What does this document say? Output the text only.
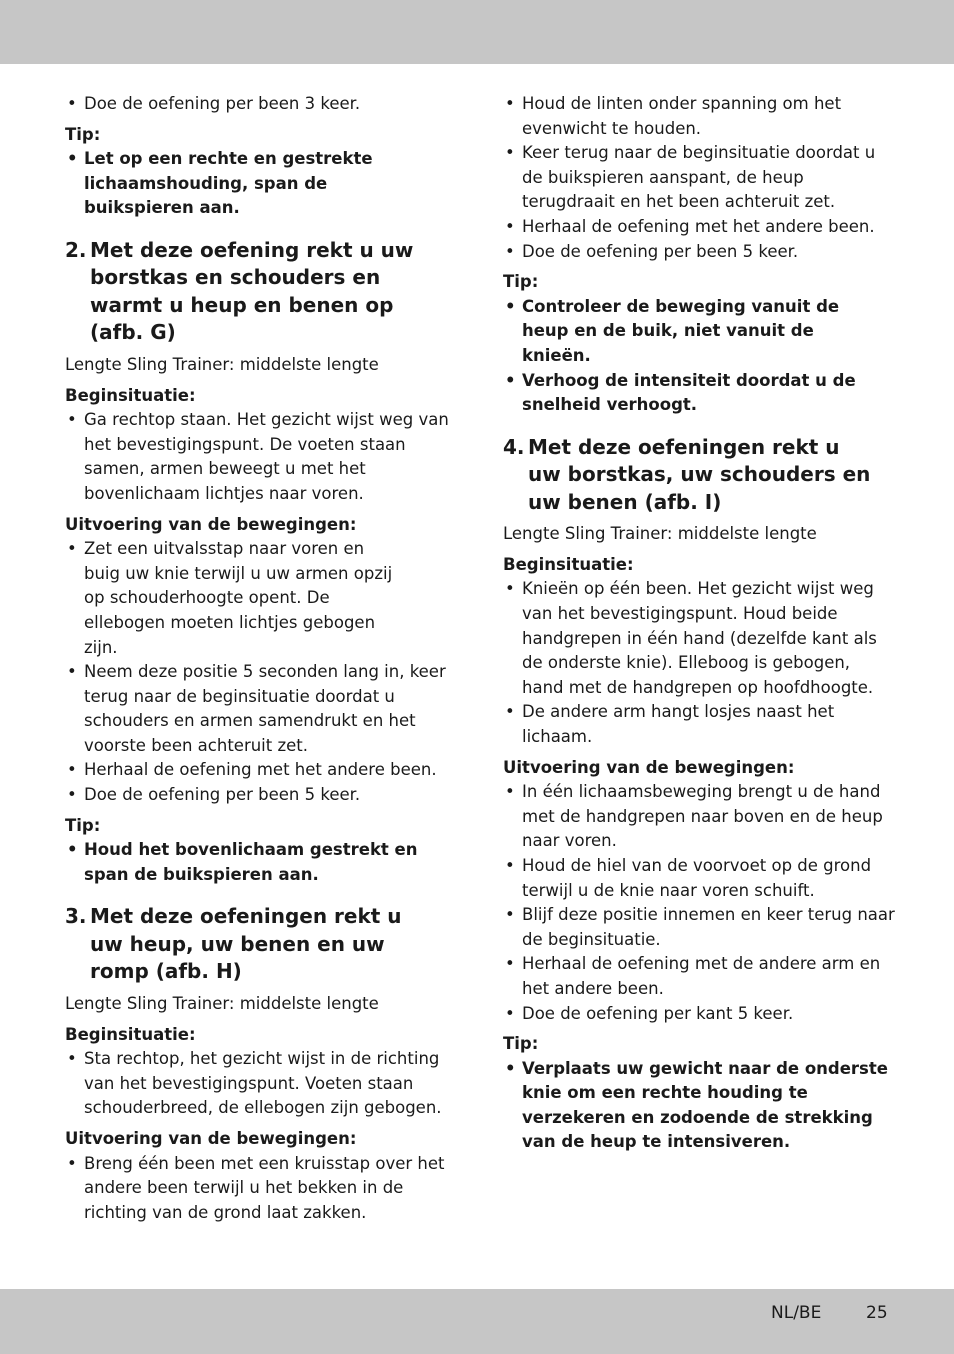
• Doe de oefening per been 3 keer.
Tip:
• Let op een rechte en gestrekte lichaamshouding, span de buikspieren aan.
2. Met deze oefening rekt u uw borstkas en schouders en warmt u heup en benen op (afb. G)
Lengte Sling Trainer: middelste lengte
Beginsituatie:
• Ga rechtop staan. Het gezicht wijst weg van het bevestigingspunt. De voeten staan samen, armen beweegt u met het bovenlichaam lichtjes naar voren.
Uitvoering van de bewegingen:
• Zet een uitvalsstap naar voren en buig uw knie terwijl u uw armen opzij op schouderhoogte opent. De ellebogen moeten lichtjes gebogen zijn.
• Neem deze positie 5 seconden lang in, keer terug naar de beginsituatie doordat u schouders en armen samendrukt en het voorste been achteruit zet.
• Herhaal de oefening met het andere been.
• Doe de oefening per been 5 keer.
Tip:
• Houd het bovenlichaam gestrekt en span de buikspieren aan.
3. Met deze oefeningen rekt u uw heup, uw benen en uw romp (afb. H)
Lengte Sling Trainer: middelste lengte
Beginsituatie:
• Sta rechtop, het gezicht wijst in de richting van het bevestigingspunt. Voeten staan schouderbreed, de ellebogen zijn gebogen.
Uitvoering van de bewegingen:
• Breng één been met een kruisstap over het andere been terwijl u het bekken in de richting van de grond laat zakken.
• Houd de linten onder spanning om het evenwicht te houden.
• Keer terug naar de beginsituatie doordat u de buikspieren aanspant, de heup terugdraait en het been achteruit zet.
• Herhaal de oefening met het andere been.
• Doe de oefening per been 5 keer.
Tip:
• Controleer de beweging vanuit de heup en de buik, niet vanuit de knieën.
• Verhoog de intensiteit doordat u de snelheid verhoogt.
4. Met deze oefeningen rekt u uw borstkas, uw schouders en uw benen (afb. I)
Lengte Sling Trainer: middelste lengte
Beginsituatie:
• Knieën op één been. Het gezicht wijst weg van het bevestigingspunt. Houd beide handgrepen in één hand (dezelfde kant als de onderste knie). Elleboog is gebogen, hand met de handgrepen op hoofdhoogte.
• De andere arm hangt losjes naast het lichaam.
Uitvoering van de bewegingen:
• In één lichaamsbeweging brengt u de hand met de handgrepen naar boven en de heup naar voren.
• Houd de hiel van de voorvoet op de grond terwijl u de knie naar voren schuift.
• Blijf deze positie innemen en keer terug naar de beginsituatie.
• Herhaal de oefening met de andere arm en het andere been.
• Doe de oefening per kant 5 keer.
Tip:
• Verplaats uw gewicht naar de onderste knie om een rechte houding te verzekeren en zodoende de strekking van de heup te intensiveren.
NL/BE	25
